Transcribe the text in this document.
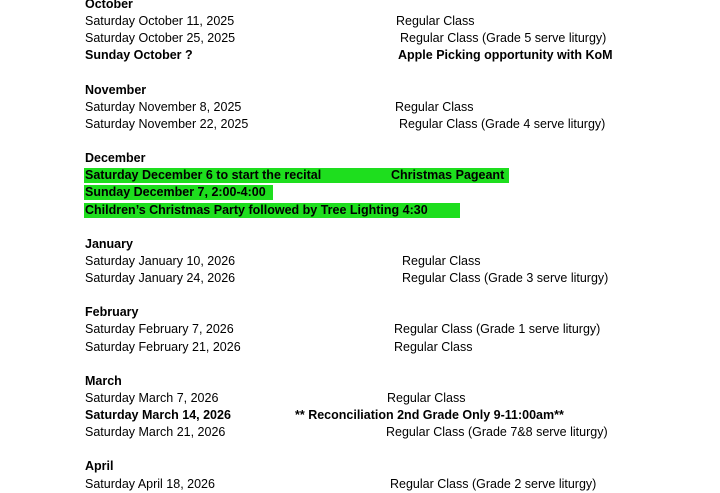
October
Saturday October 11, 2025	Regular Class
Saturday October 25, 2025	Regular Class (Grade 5 serve liturgy)
Sunday October ?	Apple Picking opportunity with KoM
November
Saturday November 8, 2025	Regular Class
Saturday November 22, 2025	Regular Class (Grade 4 serve liturgy)
December
Saturday December 6 to start the recital	Christmas Pageant
Sunday December 7, 2:00-4:00
Children’s Christmas Party followed by Tree Lighting 4:30
January
Saturday January 10, 2026	Regular Class
Saturday January 24, 2026	Regular Class (Grade 3 serve liturgy)
February
Saturday February 7, 2026	Regular Class (Grade 1 serve liturgy)
Saturday February 21, 2026	Regular Class
March
Saturday March 7, 2026	Regular Class
Saturday March 14, 2026	** Reconciliation 2nd Grade Only 9-11:00am**
Saturday March 21, 2026	Regular Class (Grade 7&8 serve liturgy)
April
Saturday April 18, 2026	Regular Class (Grade 2 serve liturgy)
